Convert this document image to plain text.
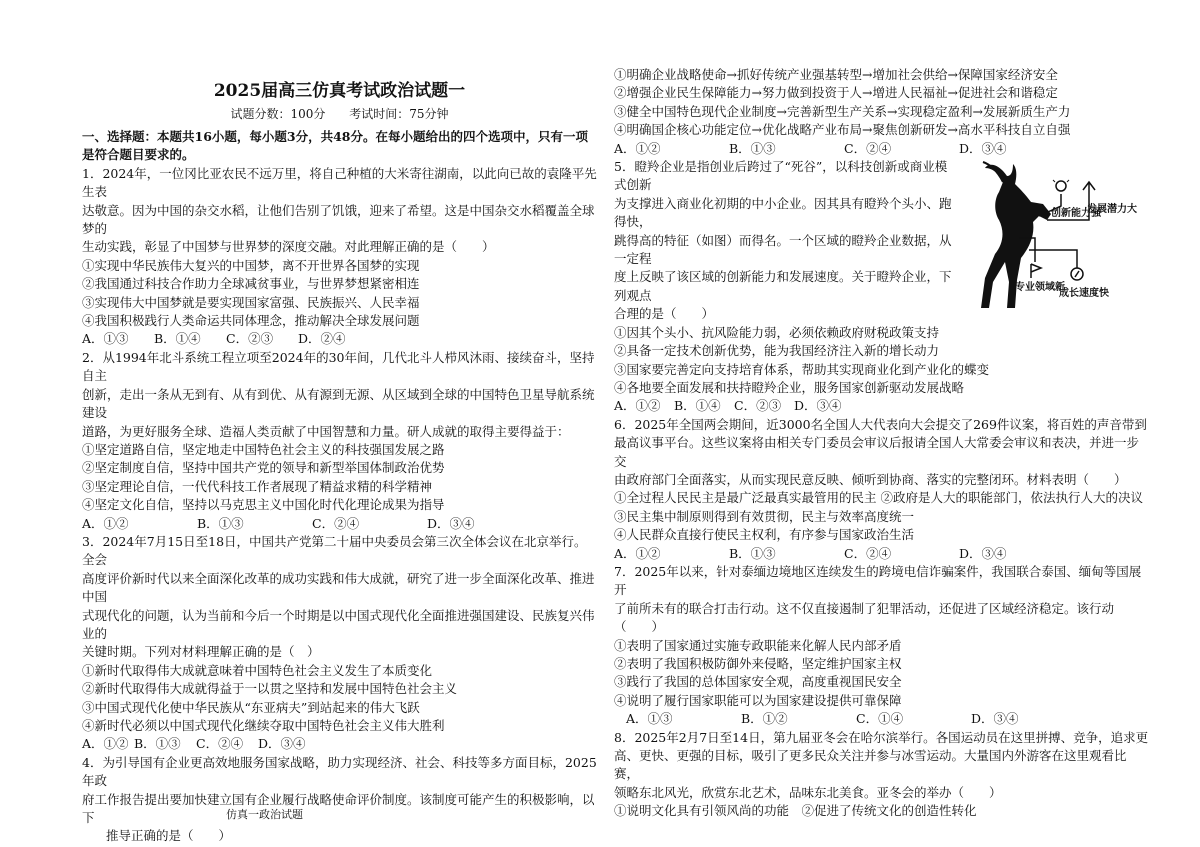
2025届高三仿真考试政治试题一
试题分数：100分 考试时间：75分钟

一、选择题：本题共16小题，每小题3分，共48分。在每小题给出的四个选项中，只有一项是符合题目要求的。

1．2024年，一位冈比亚农民不远万里，将自己种植的大米寄往湖南，以此向已故的袁隆平先生表

达敬意。因为中国的杂交水稻，让他们告别了饥饿，迎来了希望。这是中国杂交水稻覆盖全球梦的

生动实践，彰显了中国梦与世界梦的深度交融。对此理解正确的是（　　）

①实现中华民族伟大复兴的中国梦，离不开世界各国梦的实现

②我国通过科技合作助力全球减贫事业，与世界梦想紧密相连

③实现伟大中国梦就是要实现国家富强、民族振兴、人民幸福

④我国积极践行人类命运共同体理念，推动解决全球发展问题

A．①③	B．①④	C．②③	D．②④

2．从1994年北斗系统工程立项至2024年的30年间，几代北斗人栉风沐雨、接续奋斗，坚持自主

创新，走出一条从无到有、从有到优、从有源到无源、从区域到全球的中国特色卫星导航系统建设

道路，为更好服务全球、造福人类贡献了中国智慧和力量。研人成就的取得主要得益于：

①坚定道路自信，坚定地走中国特色社会主义的科技强国发展之路

②坚定制度自信，坚持中国共产党的领导和新型举国体制政治优势

③坚定理论自信，一代代科技工作者展现了精益求精的科学精神

④坚定文化自信，坚持以马克思主义中国化时代化理论成果为指导

A．①②	B．①③	C．②④	D．③④

3．2024年7月15日至18日，中国共产党第二十届中央委员会第三次全体会议在北京举行。全会

高度评价新时代以来全面深化改革的成功实践和伟大成就，研究了进一步全面深化改革、推进中国

式现代化的问题，认为当前和今后一个时期是以中国式现代化全面推进强国建设、民族复兴伟业的

关键时期。下列对材料理解正确的是（　）

①新时代取得伟大成就意味着中国特色社会主义发生了本质变化

②新时代取得伟大成就得益于一以贯之坚持和发展中国特色社会主义

③中国式现代化使中华民族从“东亚病夫”到站起来的伟大飞跃

④新时代必须以中国式现代化继续夺取中国特色社会主义伟大胜利

A．①② B．①③	C．②④	D．③④

4．为引导国有企业更高效地服务国家战略，助力实现经济、社会、科技等多方面目标，2025年政

府工作报告提出要加快建立国有企业履行战略使命评价制度。该制度可能产生的积极影响，以下

推导正确的是（　　）

①明确企业战略使命→抓好传统产业强基转型→增加社会供给→保障国家经济安全

②增强企业民生保障能力→努力做到投资于人→增进人民福祉→促进社会和谐稳定

③健全中国特色现代企业制度→完善新型生产关系→实现稳定盈利→发展新质生产力

④明确国企核心功能定位→优化战略产业布局→聚焦创新研发→高水平科技自立自强

A．①②	B．①③	C．②④	D．③④

5．瞪羚企业是指创业后跨过了“死谷”，以科技创新或商业模式创新

为支撑进入商业化初期的中小企业。因其具有瞪羚个头小、跑得快，

跳得高的特征（如图）而得名。一个区域的瞪羚企业数据，从一定程

度上反映了该区域的创新能力和发展速度。关于瞪羚企业，下列观点

合理的是（　　）

创新能力强
发展潜力大
专业领域新
成长速度快

①因其个头小、抗风险能力弱，必须依赖政府财税政策支持

②具备一定技术创新优势，能为我国经济注入新的增长动力

③国家要完善定向支持培育体系，帮助其实现商业化到产业化的蝶变

④各地要全面发展和扶持瞪羚企业，服务国家创新驱动发展战略

A．①②	B．①④	C．②③	D．③④

6．2025年全国两会期间，近3000名全国人大代表向大会提交了269件议案，将百姓的声音带到

最高议事平台。这些议案将由相关专门委员会审议后报请全国人大常委会审议和表决，并进一步交

由政府部门全面落实，从而实现民意反映、倾听到协商、落实的完整闭环。材料表明（　　）

①全过程人民民主是最广泛最真实最管用的民主 ②政府是人大的职能部门，依法执行人大的决议

③民主集中制原则得到有效贯彻，民主与效率高度统一

④人民群众直接行使民主权利，有序参与国家政治生活

A．①②	B．①③	C．②④	D．③④

7．2025年以来，针对泰缅边境地区连续发生的跨境电信诈骗案件，我国联合泰国、缅甸等国展开

了前所未有的联合打击行动。这不仅直接遏制了犯罪活动，还促进了区域经济稳定。该行动（　　）

①表明了国家通过实施专政职能来化解人民内部矛盾

②表明了我国积极防御外来侵略，坚定维护国家主权

③践行了我国的总体国家安全观，高度重视国民安全

④说明了履行国家职能可以为国家建设提供可靠保障

A．①③	B．①②	C．①④	D．③④

8．2025年2月7日至14日，第九届亚冬会在哈尔滨举行。各国运动员在这里拼搏、竞争，追求更

高、更快、更强的目标，吸引了更多民众关注并参与冰雪运动。大量国内外游客在这里观看比赛，

领略东北风光，欣赏东北艺术，品味东北美食。亚冬会的举办（　　）

①说明文化具有引领风尚的功能　②促进了传统文化的创造性转化

仿真一政治试题
